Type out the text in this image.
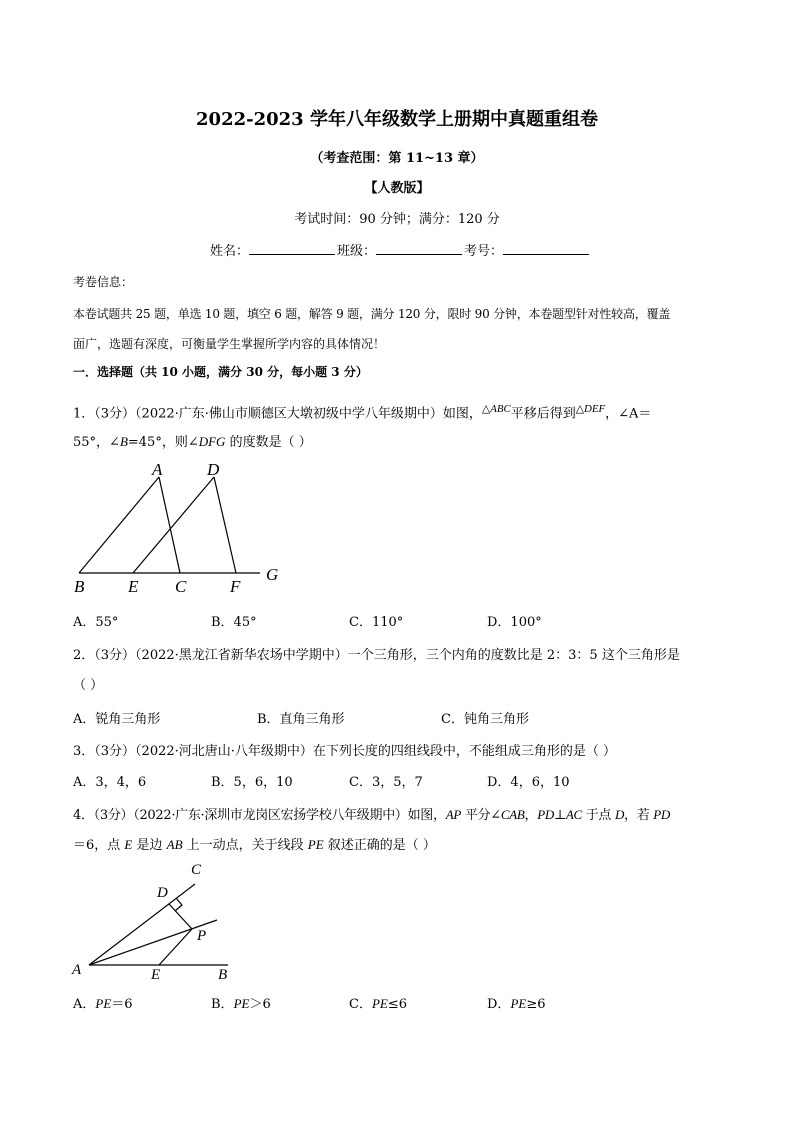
2022-2023 学年八年级数学上册期中真题重组卷
（考查范围：第 11~13 章）
【人教版】
考试时间：90 分钟；满分：120 分
姓名：	班级：	考号：
考卷信息：
本卷试题共 25 题，单选 10 题，填空 6 题，解答 9 题，满分 120 分，限时 90 分钟，本卷题型针对性较高，覆盖
面广，选题有深度，可衡量学生掌握所学内容的具体情况！
一．选择题（共 10 小题，满分 30 分，每小题 3 分）
1．（3分）（2022·广东·佛山市顺德区大墩初级中学八年级期中）如图，$^{\triangle ABC}$平移后得到$^{\triangle DEF}$，∠A＝
55°，∠B=45°，则∠DFG 的度数是（ ）
A	D
B	E C	F
G
A．55°	B．45°	C．110°	D．100°
2．（3分）（2022·黑龙江省新华农场中学期中）一个三角形，三个内角的度数比是 2：3：5 这个三角形是
（ ）
A．锐角三角形	B．直角三角形	C．钝角三角形
3．（3分）（2022·河北唐山·八年级期中）在下列长度的四组线段中，不能组成三角形的是（ ）
A．3，4，6	B．5，6，10	C．3，5，7	D．4，6，10
4．（3分）（2022·广东·深圳市龙岗区宏扬学校八年级期中）如图，AP 平分∠CAB，PD⊥AC 于点 D，若 PD
＝6，点 E 是边 AB 上一动点，关于线段 PE 叙述正确的是（ ）
C
D
P
A	E	B
A．PE＝6	B．PE＞6	C．PE≤6	D．PE≥6
